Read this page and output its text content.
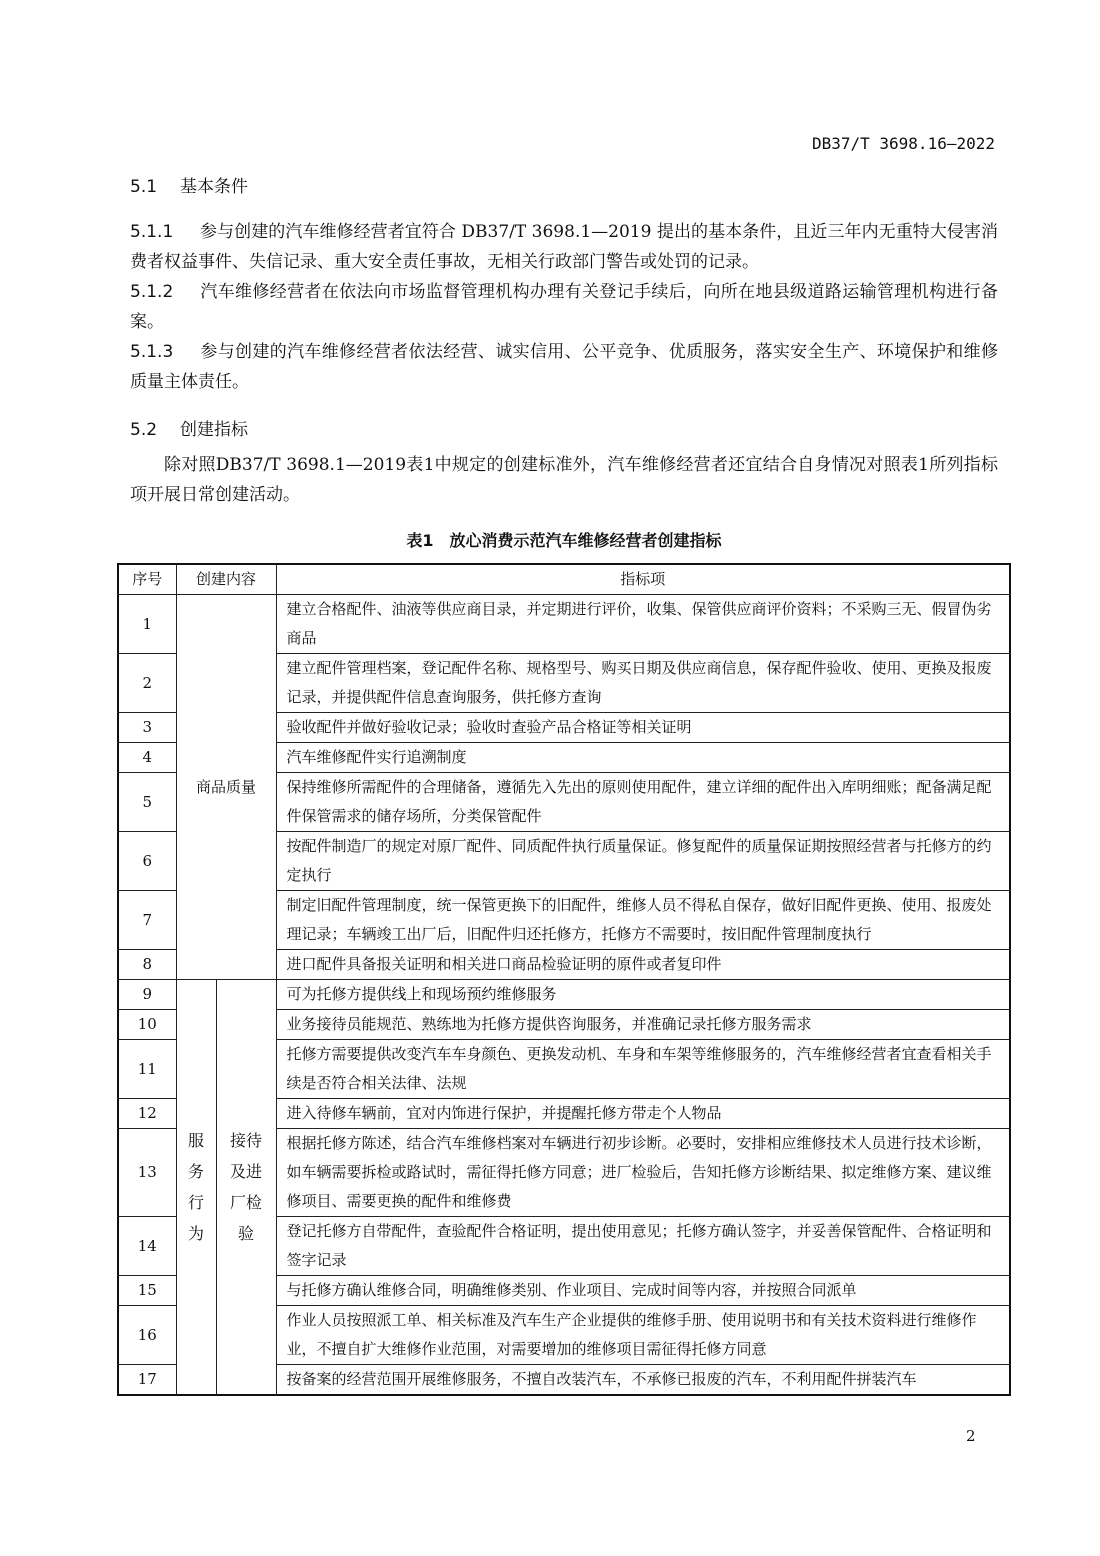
DB37/T 3698.16—2022

5.1 基本条件

5.1.1 参与创建的汽车维修经营者宜符合 DB37/T 3698.1—2019 提出的基本条件，且近三年内无重特大侵害消费者权益事件、失信记录、重大安全责任事故，无相关行政部门警告或处罚的记录。

5.1.2 汽车维修经营者在依法向市场监督管理机构办理有关登记手续后，向所在地县级道路运输管理机构进行备案。

5.1.3 参与创建的汽车维修经营者依法经营、诚实信用、公平竞争、优质服务，落实安全生产、环境保护和维修质量主体责任。

5.2 创建指标

除对照DB37/T 3698.1—2019表1中规定的创建标准外，汽车维修经营者还宜结合自身情况对照表1所列指标项开展日常创建活动。

表1　放心消费示范汽车维修经营者创建指标

序号	创建内容		指标项
1	商品质量		建立合格配件、油液等供应商目录，并定期进行评价，收集、保管供应商评价资料；不采购三无、假冒伪劣商品
2			建立配件管理档案，登记配件名称、规格型号、购买日期及供应商信息，保存配件验收、使用、更换及报废记录，并提供配件信息查询服务，供托修方查询
3			验收配件并做好验收记录；验收时查验产品合格证等相关证明
4			汽车维修配件实行追溯制度
5			保持维修所需配件的合理储备，遵循先入先出的原则使用配件，建立详细的配件出入库明细账；配备满足配件保管需求的储存场所，分类保管配件
6			按配件制造厂的规定对原厂配件、同质配件执行质量保证。修复配件的质量保证期按照经营者与托修方的约定执行
7			制定旧配件管理制度，统一保管更换下的旧配件，维修人员不得私自保存，做好旧配件更换、使用、报废处理记录；车辆竣工出厂后，旧配件归还托修方，托修方不需要时，按旧配件管理制度执行
8			进口配件具备报关证明和相关进口商品检验证明的原件或者复印件
9	服务行为	接待及进厂检验	可为托修方提供线上和现场预约维修服务
10			业务接待员能规范、熟练地为托修方提供咨询服务，并准确记录托修方服务需求
11			托修方需要提供改变汽车车身颜色、更换发动机、车身和车架等维修服务的，汽车维修经营者宜查看相关手续是否符合相关法律、法规
12			进入待修车辆前，宜对内饰进行保护，并提醒托修方带走个人物品
13			根据托修方陈述，结合汽车维修档案对车辆进行初步诊断。必要时，安排相应维修技术人员进行技术诊断，如车辆需要拆检或路试时，需征得托修方同意；进厂检验后，告知托修方诊断结果、拟定维修方案、建议维修项目、需要更换的配件和维修费
14			登记托修方自带配件，查验配件合格证明，提出使用意见；托修方确认签字，并妥善保管配件、合格证明和签字记录
15			与托修方确认维修合同，明确维修类别、作业项目、完成时间等内容，并按照合同派单
16			作业人员按照派工单、相关标准及汽车生产企业提供的维修手册、使用说明书和有关技术资料进行维修作业，不擅自扩大维修作业范围，对需要增加的维修项目需征得托修方同意
17			按备案的经营范围开展维修服务，不擅自改装汽车，不承修已报废的汽车，不利用配件拼装汽车
2
